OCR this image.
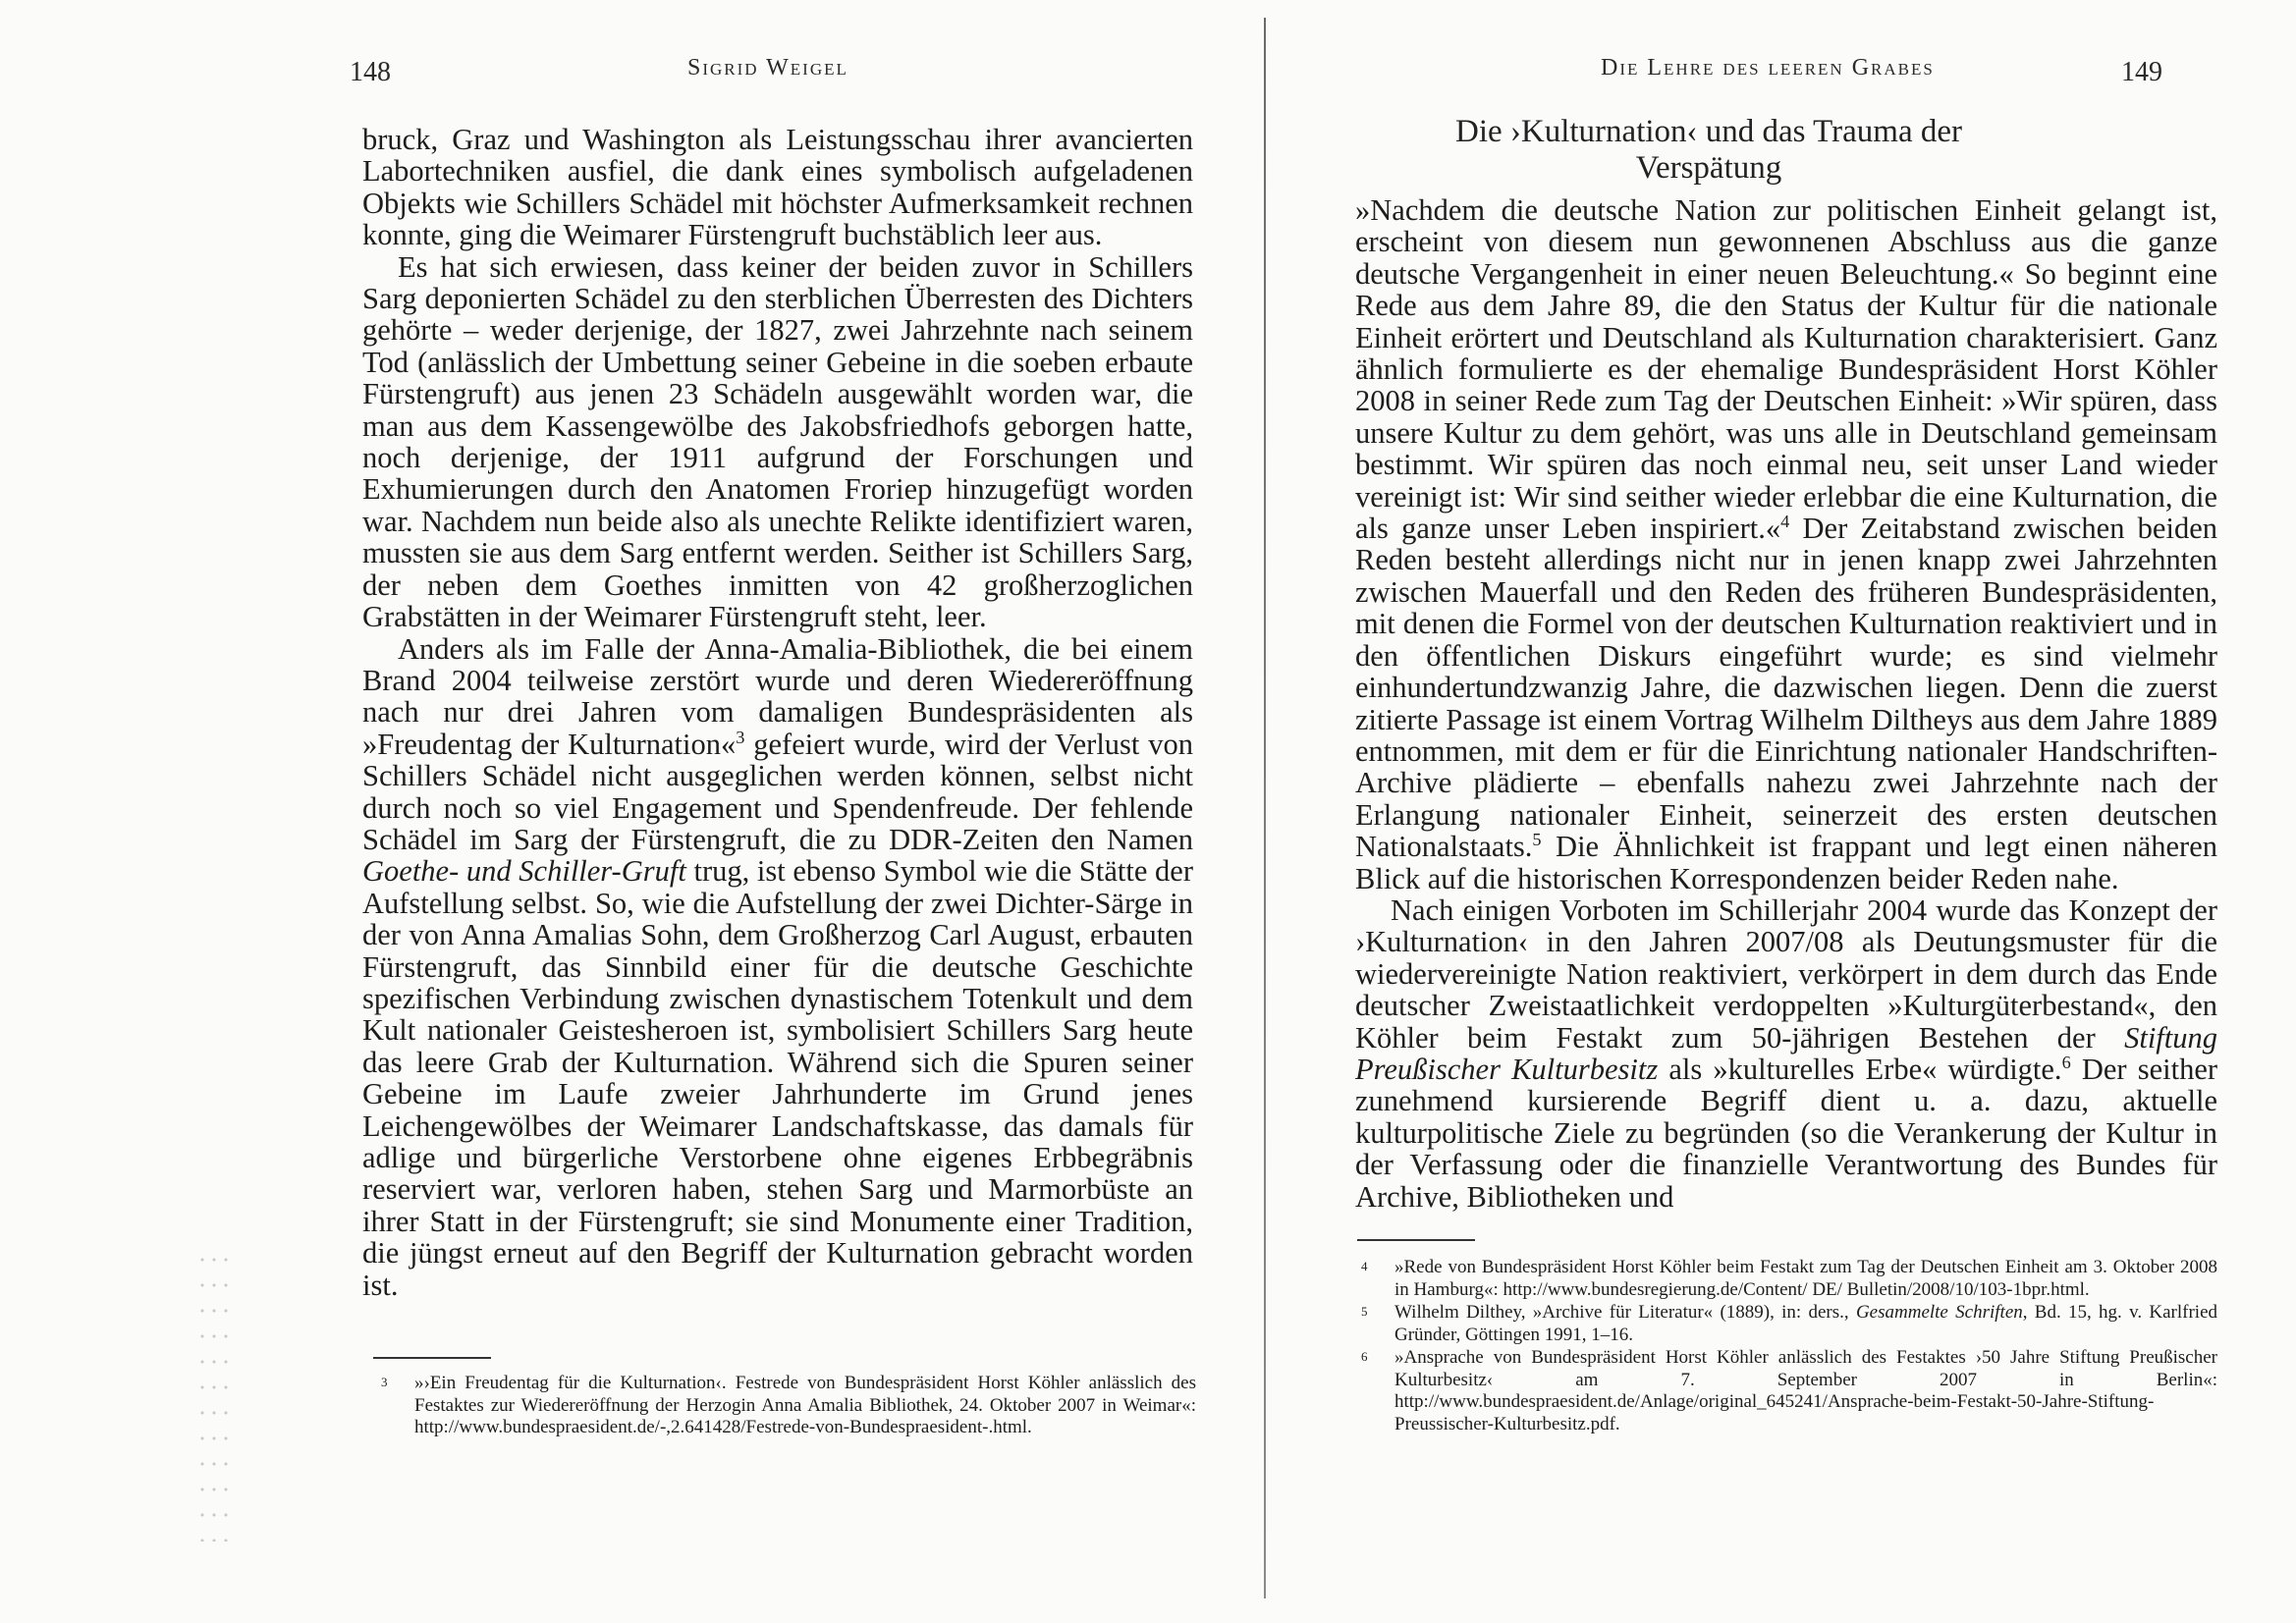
148	Sigrid Weigel

bruck, Graz und Washington als Leistungsschau ihrer avancierten Labortechniken ausfiel, die dank eines symbolisch aufgeladenen Objekts wie Schillers Schädel mit höchster Aufmerksamkeit rechnen konnte, ging die Weimarer Fürstengruft buchstäblich leer aus.

Es hat sich erwiesen, dass keiner der beiden zuvor in Schillers Sarg deponierten Schädel zu den sterblichen Überresten des Dichters gehörte – weder derjenige, der 1827, zwei Jahrzehnte nach seinem Tod (anlässlich der Umbettung seiner Gebeine in die soeben erbaute Fürstengruft) aus jenen 23 Schädeln ausgewählt worden war, die man aus dem Kassengewölbe des Jakobsfriedhofs geborgen hatte, noch derjenige, der 1911 aufgrund der Forschungen und Exhumierungen durch den Anatomen Froriep hinzugefügt worden war. Nachdem nun beide also als unechte Relikte identifiziert waren, mussten sie aus dem Sarg entfernt werden. Seither ist Schillers Sarg, der neben dem Goethes inmitten von 42 großherzoglichen Grabstätten in der Weimarer Fürstengruft steht, leer.

Anders als im Falle der Anna-Amalia-Bibliothek, die bei einem Brand 2004 teilweise zerstört wurde und deren Wiedereröffnung nach nur drei Jahren vom damaligen Bundespräsidenten als »Freudentag der Kulturnation«$^3$ gefeiert wurde, wird der Verlust von Schillers Schädel nicht ausgeglichen werden können, selbst nicht durch noch so viel Engagement und Spendenfreude. Der fehlende Schädel im Sarg der Fürstengruft, die zu DDR-Zeiten den Namen Goethe- und Schiller-Gruft trug, ist ebenso Symbol wie die Stätte der Aufstellung selbst. So, wie die Aufstellung der zwei Dichter-Särge in der von Anna Amalias Sohn, dem Großherzog Carl August, erbauten Fürstengruft, das Sinnbild einer für die deutsche Geschichte spezifischen Verbindung zwischen dynastischem Totenkult und dem Kult nationaler Geistesheroen ist, symbolisiert Schillers Sarg heute das leere Grab der Kulturnation. Während sich die Spuren seiner Gebeine im Laufe zweier Jahrhunderte im Grund jenes Leichengewölbes der Weimarer Landschaftskasse, das damals für adlige und bürgerliche Verstorbene ohne eigenes Erbbegräbnis reserviert war, verloren haben, stehen Sarg und Marmorbüste an ihrer Statt in der Fürstengruft; sie sind Monumente einer Tradition, die jüngst erneut auf den Begriff der Kulturnation gebracht worden ist.

3 »›Ein Freudentag für die Kulturnation‹. Festrede von Bundespräsident Horst Köhler anlässlich des Festaktes zur Wiedereröffnung der Herzogin Anna Amalia Bibliothek, 24. Oktober 2007 in Weimar«: http://www.bundespraesident.de/-,2.641428/Festrede-von-Bundespraesident-.html.
Die Lehre des leeren Grabes	149
Die ›Kulturnation‹ und das Trauma der Verspätung

»Nachdem die deutsche Nation zur politischen Einheit gelangt ist, erscheint von diesem nun gewonnenen Abschluss aus die ganze deutsche Vergangenheit in einer neuen Beleuchtung.« So beginnt eine Rede aus dem Jahre 89, die den Status der Kultur für die nationale Einheit erörtert und Deutschland als Kulturnation charakterisiert. Ganz ähnlich formulierte es der ehemalige Bundespräsident Horst Köhler 2008 in seiner Rede zum Tag der Deutschen Einheit: »Wir spüren, dass unsere Kultur zu dem gehört, was uns alle in Deutschland gemeinsam bestimmt. Wir spüren das noch einmal neu, seit unser Land wieder vereinigt ist: Wir sind seither wieder erlebbar die eine Kulturnation, die als ganze unser Leben inspiriert.«$^4$ Der Zeitabstand zwischen beiden Reden besteht allerdings nicht nur in jenen knapp zwei Jahrzehnten zwischen Mauerfall und den Reden des früheren Bundespräsidenten, mit denen die Formel von der deutschen Kulturnation reaktiviert und in den öffentlichen Diskurs eingeführt wurde; es sind vielmehr einhundertundzwanzig Jahre, die dazwischen liegen. Denn die zuerst zitierte Passage ist einem Vortrag Wilhelm Diltheys aus dem Jahre 1889 entnommen, mit dem er für die Einrichtung nationaler Handschriften-Archive plädierte – ebenfalls nahezu zwei Jahrzehnte nach der Erlangung nationaler Einheit, seinerzeit des ersten deutschen Nationalstaats.$^5$ Die Ähnlichkeit ist frappant und legt einen näheren Blick auf die historischen Korrespondenzen beider Reden nahe.

Nach einigen Vorboten im Schillerjahr 2004 wurde das Konzept der ›Kulturnation‹ in den Jahren 2007/08 als Deutungsmuster für die wiedervereinigte Nation reaktiviert, verkörpert in dem durch das Ende deutscher Zweistaatlichkeit verdoppelten »Kulturgüterbestand«, den Köhler beim Festakt zum 50-jährigen Bestehen der Stiftung Preußischer Kulturbesitz als »kulturelles Erbe« würdigte.$^6$ Der seither zunehmend kursierende Begriff dient u. a. dazu, aktuelle kulturpolitische Ziele zu begründen (so die Verankerung der Kultur in der Verfassung oder die finanzielle Verantwortung des Bundes für Archive, Bibliotheken und

4 »Rede von Bundespräsident Horst Köhler beim Festakt zum Tag der Deutschen Einheit am 3. Oktober 2008 in Hamburg«: http://www.bundesregierung.de/Content/ DE/ Bulletin/2008/10/103-1bpr.html.
5 Wilhelm Dilthey, »Archive für Literatur« (1889), in: ders., Gesammelte Schriften, Bd. 15, hg. v. Karlfried Gründer, Göttingen 1991, 1–16.
6 »Ansprache von Bundespräsident Horst Köhler anlässlich des Festaktes ›50 Jahre Stiftung Preußischer Kulturbesitz‹ am 7. September 2007 in Berlin«: http://www.bundespraesident.de/Anlage/original_645241/Ansprache-beim-Festakt-50-Jahre-Stiftung-Preussischer-Kulturbesitz.pdf.
